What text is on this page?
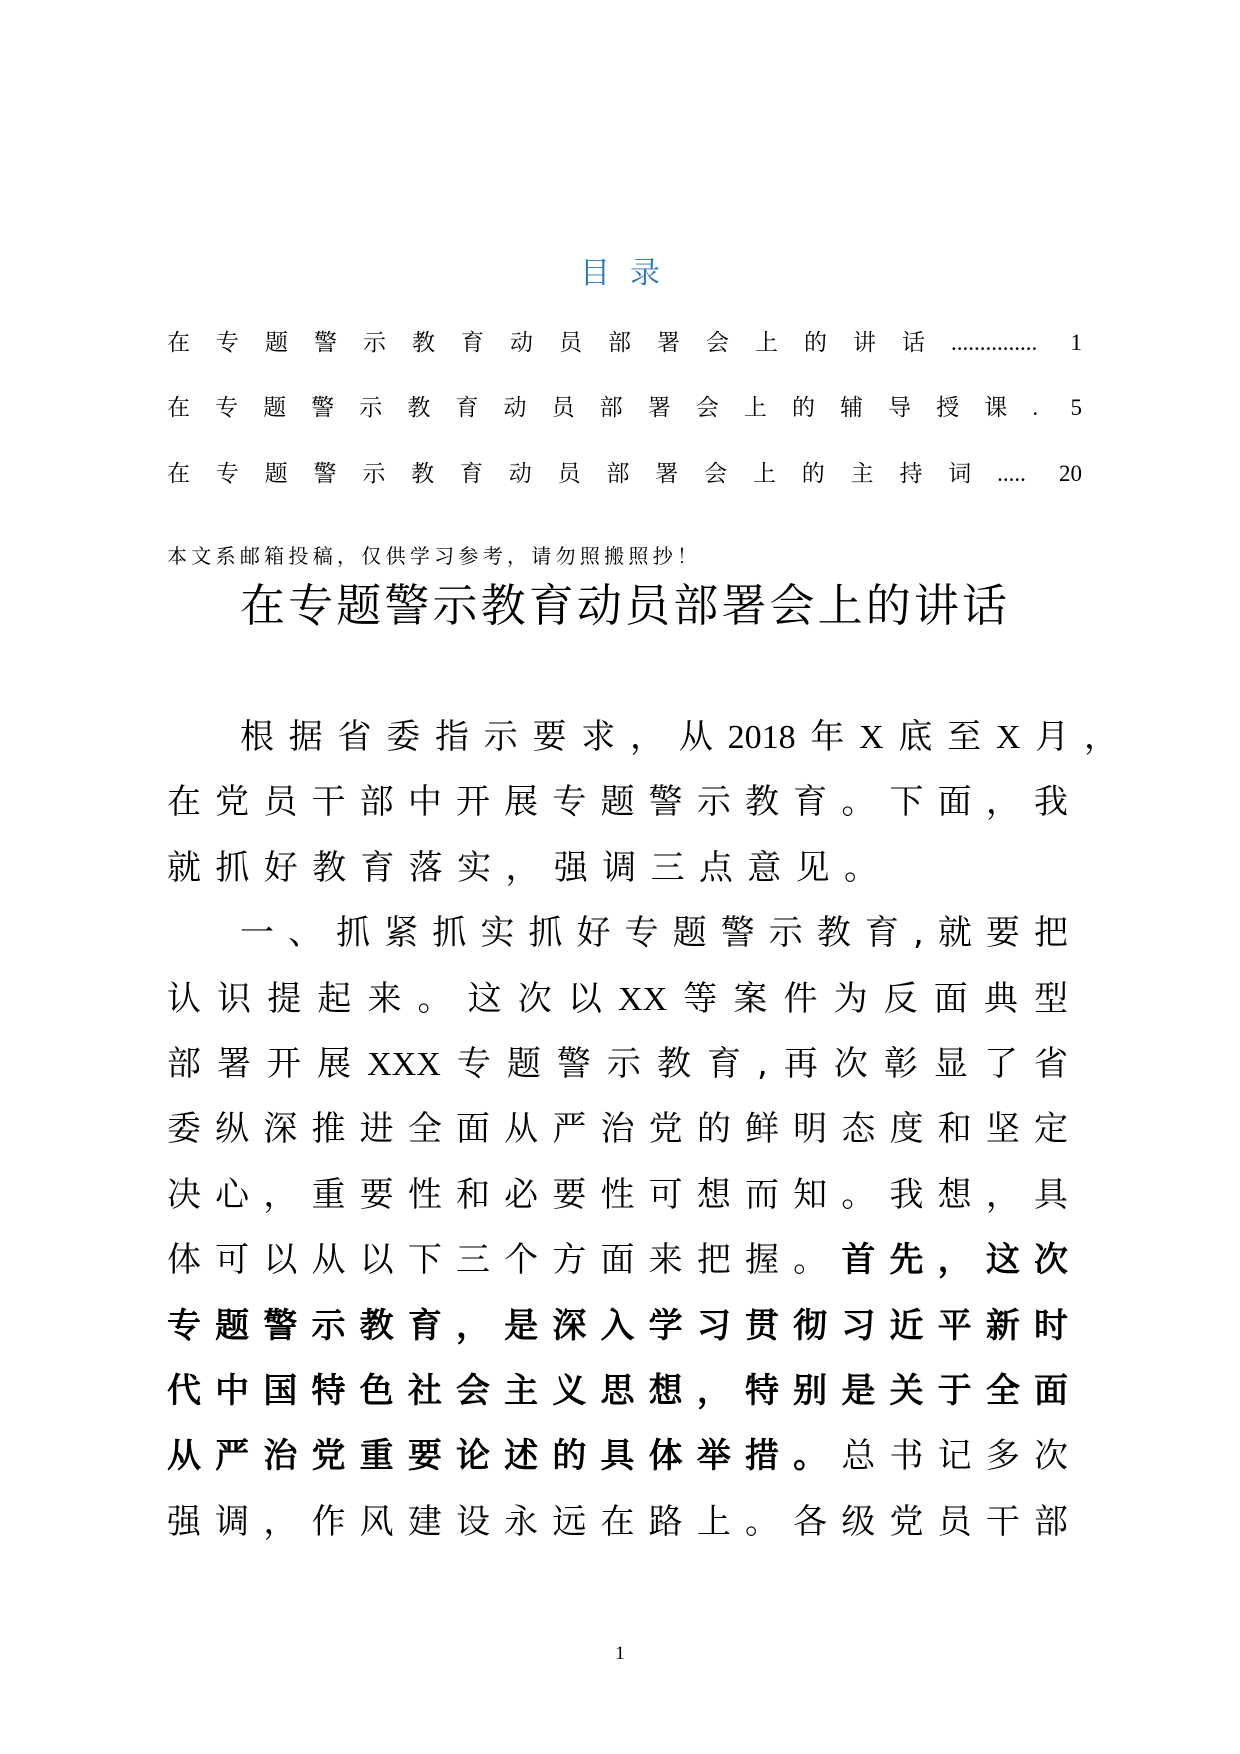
目录
在专题警示教育动员部署会上的讲话............... 1
在专题警示教育动员部署会上的辅导授课. 5
在专题警示教育动员部署会上的主持词..... 20
本文系邮箱投稿，仅供学习参考，请勿照搬照抄！
在专题警示教育动员部署会上的讲话
根据省委指示要求，从2018年X底至X月，
在党员干部中开展专题警示教育。下面，我
就抓好教育落实，强调三点意见。
一、抓紧抓实抓好专题警示教育,就要把
认识提起来。这次以XX等案件为反面典型
部署开展XXX专题警示教育,再次彰显了省
委纵深推进全面从严治党的鲜明态度和坚定
决心，重要性和必要性可想而知。我想，具
体可以从以下三个方面来把握。首先，这次
专题警示教育，是深入学习贯彻习近平新时
代中国特色社会主义思想，特别是关于全面
从严治党重要论述的具体举措。总书记多次
强调，作风建设永远在路上。各级党员干部
1
